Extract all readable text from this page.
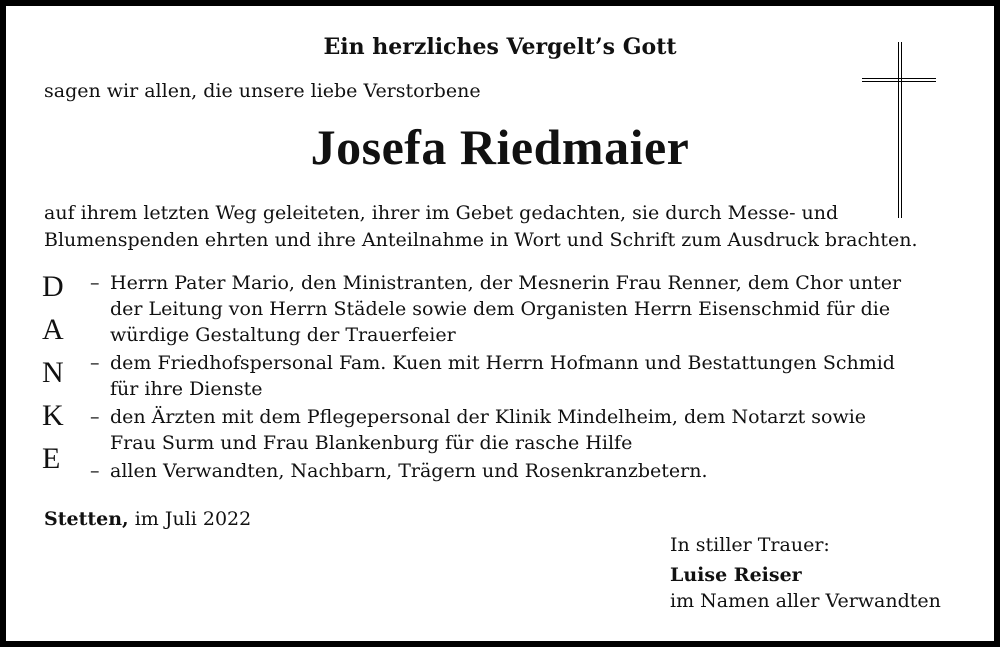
Ein herzliches Vergelt’s Gott
sagen wir allen, die unsere liebe Verstorbene
Josefa Riedmaier
auf ihrem letzten Weg geleiteten, ihrer im Gebet gedachten, sie durch Messe- und
Blumenspenden ehrten und ihre Anteilnahme in Wort und Schrift zum Ausdruck brachten.
D
A
N
K
E
– Herrn Pater Mario, den Ministranten, der Mesnerin Frau Renner, dem Chor unter
der Leitung von Herrn Städele sowie dem Organisten Herrn Eisenschmid für die
würdige Gestaltung der Trauerfeier
– dem Friedhofspersonal Fam. Kuen mit Herrn Hofmann und Bestattungen Schmid
für ihre Dienste
– den Ärzten mit dem Pflegepersonal der Klinik Mindelheim, dem Notarzt sowie
Frau Surm und Frau Blankenburg für die rasche Hilfe
– allen Verwandten, Nachbarn, Trägern und Rosenkranzbetern.
Stetten, im Juli 2022
In stiller Trauer:
Luise Reiser
im Namen aller Verwandten
